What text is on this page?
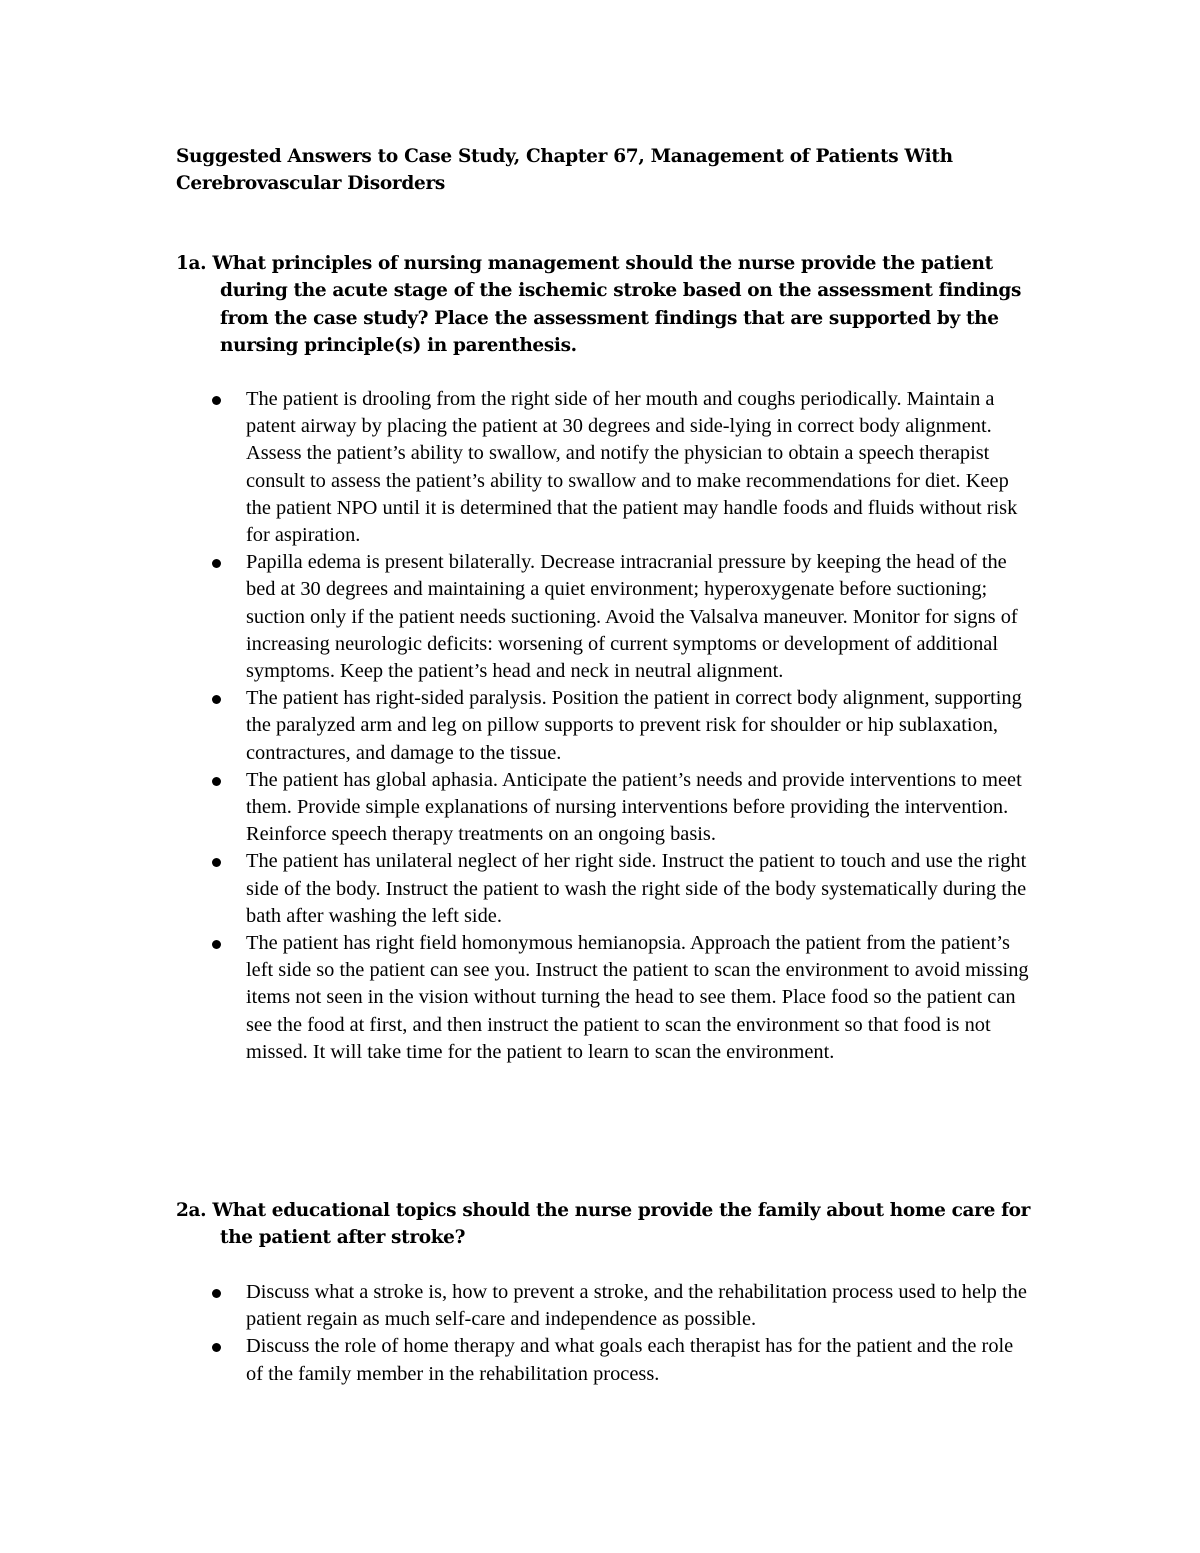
Suggested Answers to Case Study, Chapter 67, Management of Patients With Cerebrovascular Disorders

1a. What principles of nursing management should the nurse provide the patient during the acute stage of the ischemic stroke based on the assessment findings from the case study? Place the assessment findings that are supported by the nursing principle(s) in parenthesis.

The patient is drooling from the right side of her mouth and coughs periodically. Maintain a patent airway by placing the patient at 30 degrees and side-lying in correct body alignment. Assess the patient’s ability to swallow, and notify the physician to obtain a speech therapist consult to assess the patient’s ability to swallow and to make recommendations for diet. Keep the patient NPO until it is determined that the patient may handle foods and fluids without risk for aspiration.
Papilla edema is present bilaterally. Decrease intracranial pressure by keeping the head of the bed at 30 degrees and maintaining a quiet environment; hyperoxygenate before suctioning; suction only if the patient needs suctioning. Avoid the Valsalva maneuver. Monitor for signs of increasing neurologic deficits: worsening of current symptoms or development of additional symptoms. Keep the patient’s head and neck in neutral alignment.
The patient has right-sided paralysis. Position the patient in correct body alignment, supporting the paralyzed arm and leg on pillow supports to prevent risk for shoulder or hip sublaxation, contractures, and damage to the tissue.
The patient has global aphasia. Anticipate the patient’s needs and provide interventions to meet them. Provide simple explanations of nursing interventions before providing the intervention. Reinforce speech therapy treatments on an ongoing basis.
The patient has unilateral neglect of her right side. Instruct the patient to touch and use the right side of the body. Instruct the patient to wash the right side of the body systematically during the bath after washing the left side.
The patient has right field homonymous hemianopsia. Approach the patient from the patient’s left side so the patient can see you. Instruct the patient to scan the environment to avoid missing items not seen in the vision without turning the head to see them. Place food so the patient can see the food at first, and then instruct the patient to scan the environment so that food is not missed. It will take time for the patient to learn to scan the environment.

2a. What educational topics should the nurse provide the family about home care for the patient after stroke?

Discuss what a stroke is, how to prevent a stroke, and the rehabilitation process used to help the patient regain as much self-care and independence as possible.
Discuss the role of home therapy and what goals each therapist has for the patient and the role of the family member in the rehabilitation process.
